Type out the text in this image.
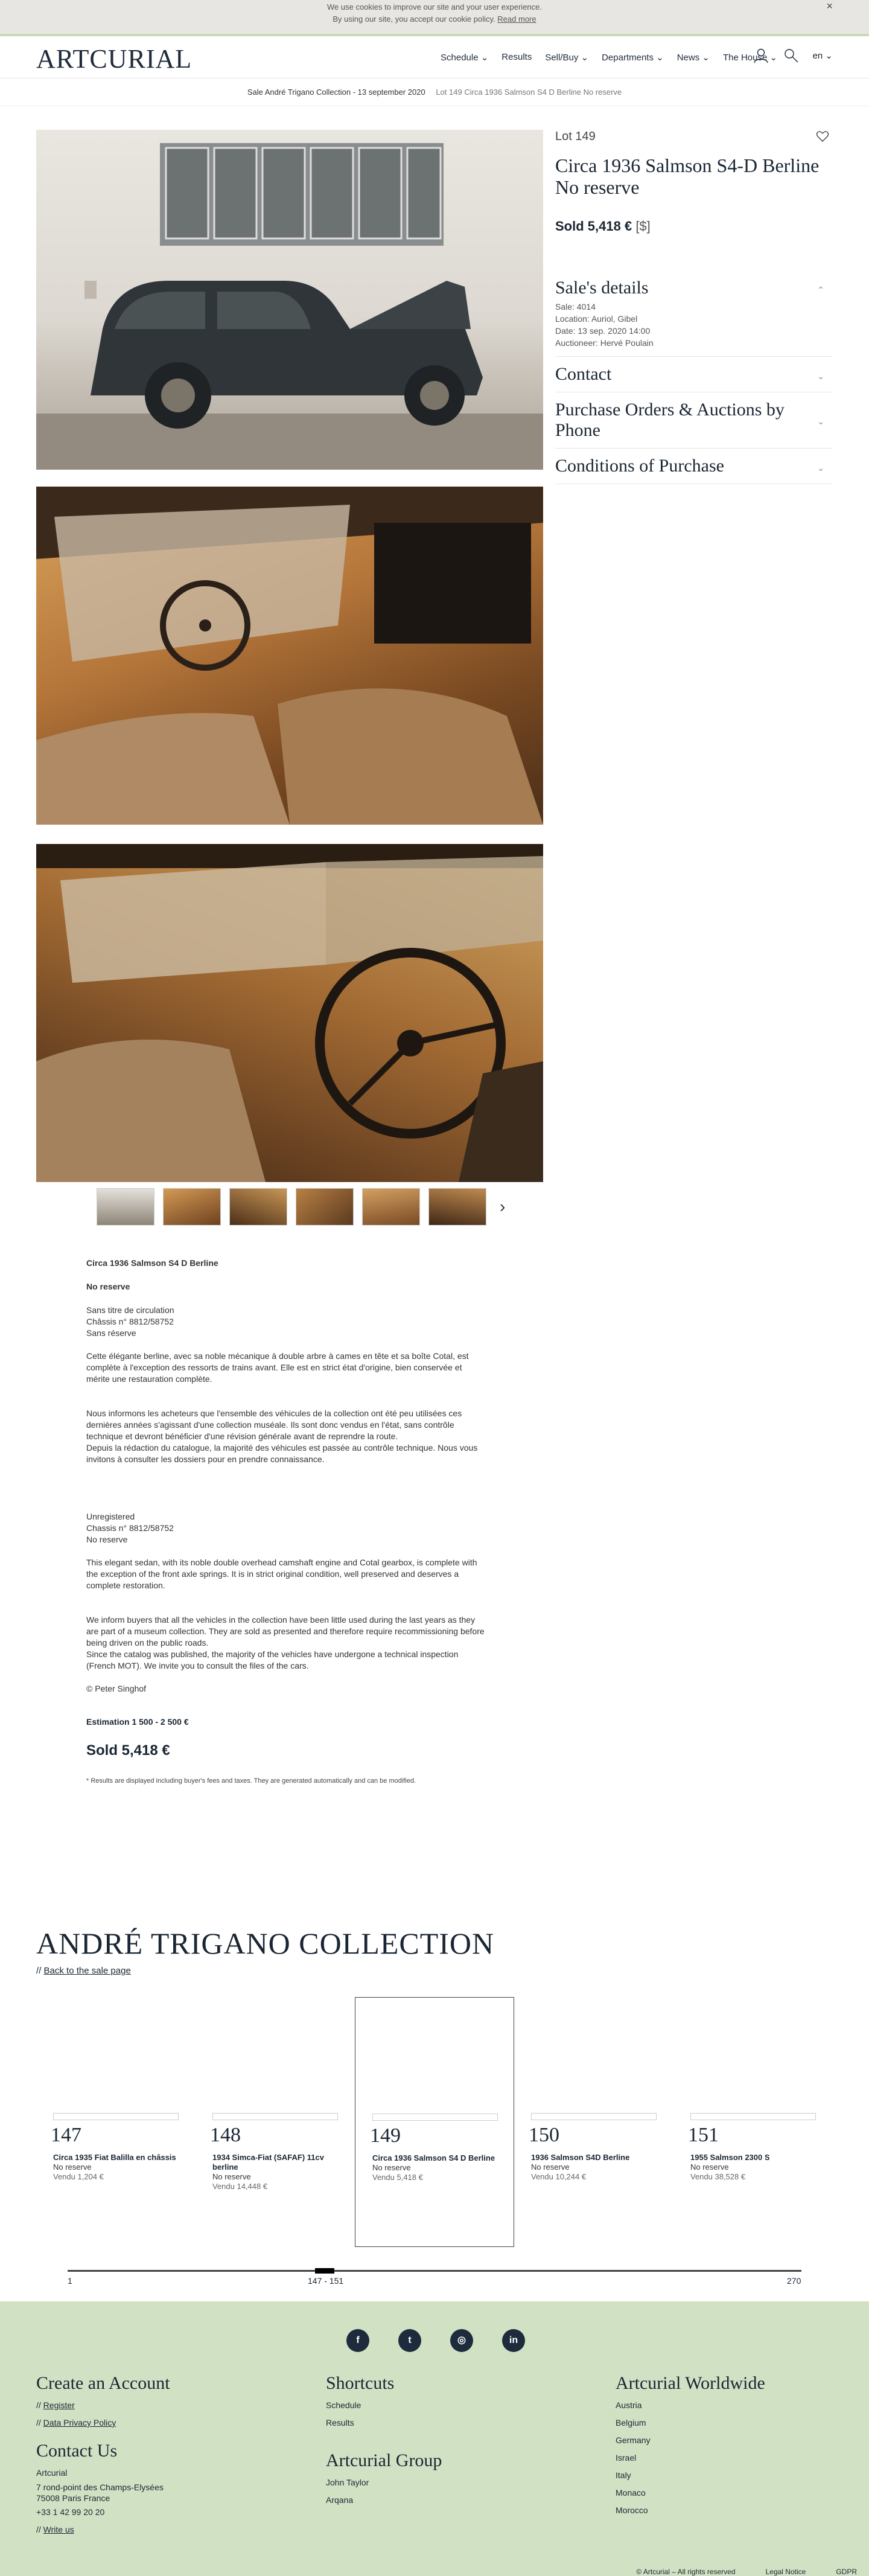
We use cookies to improve our site and your user experience.
By using our site, you accept our cookie policy. Read more
×
ARTCURIAL	Schedule ⌄ Results Sell/Buy ⌄ Departments ⌄ News ⌄ The House ⌄	en ⌄
Sale André Trigano Collection - 13 september 2020 Lot 149 Circa 1936 Salmson S4 D Berline No reserve
›
Lot 149
Circa 1936 Salmson S4-D Berline
No reserve
Sold 5,418 € [$]
Sale's details	⌃
Sale: 4014
Location: Auriol, Gibel
Date: 13 sep. 2020 14:00
Auctioneer: Hervé Poulain
Contact	⌄
Purchase Orders & Auctions by Phone	⌄
Conditions of Purchase	⌄

Circa 1936 Salmson S4 D Berline

No reserve

Sans titre de circulation
Châssis n° 8812/58752
Sans réserve

Cette élégante berline, avec sa noble mécanique à double arbre à cames en tête et sa boîte Cotal, est complète à l'exception des ressorts de trains avant. Elle est en strict état d'origine, bien conservée et mérite une restauration complète.

Nous informons les acheteurs que l'ensemble des véhicules de la collection ont été peu utilisées ces dernières années s'agissant d'une collection muséale. Ils sont donc vendus en l'état, sans contrôle technique et devront bénéficier d'une révision générale avant de reprendre la route.
Depuis la rédaction du catalogue, la majorité des véhicules est passée au contrôle technique. Nous vous invitons à consulter les dossiers pour en prendre connaissance.

Unregistered
Chassis n° 8812/58752
No reserve

This elegant sedan, with its noble double overhead camshaft engine and Cotal gearbox, is complete with the exception of the front axle springs. It is in strict original condition, well preserved and deserves a complete restoration.

We inform buyers that all the vehicles in the collection have been little used during the last years as they are part of a museum collection. They are sold as presented and therefore require recommissioning before being driven on the public roads.
Since the catalog was published, the majority of the vehicles have undergone a technical inspection (French MOT). We invite you to consult the files of the cars.

© Peter Singhof

Estimation 1 500 - 2 500 €
Sold 5,418 €
* Results are displayed including buyer's fees and taxes. They are generated automatically and can be modified.
ANDRÉ TRIGANO COLLECTION
// Back to the sale page
147
Circa 1935 Fiat Balilla en châssis
No reserve
Vendu 1,204 €
148
1934 Simca-Fiat (SAFAF) 11cv berline
No reserve
Vendu 14,448 €
149
Circa 1936 Salmson S4 D Berline
No reserve
Vendu 5,418 €
150
1936 Salmson S4D Berline
No reserve
Vendu 10,244 €
151
1955 Salmson 2300 S
No reserve
Vendu 38,528 €
1	147 - 151	270
f	t	◎	in
Create an Account
// Register
// Data Privacy Policy
Contact Us
Artcurial
7 rond-point des Champs-Elysées
75008 Paris France
+33 1 42 99 20 20
// Write us
Shortcuts
Schedule
Results
Artcurial Group
John Taylor
Arqana
Artcurial Worldwide
Austria
Belgium
Germany
Israel
Italy
Monaco
Morocco
© Artcurial – All rights reserved	Legal Notice	GDPR
